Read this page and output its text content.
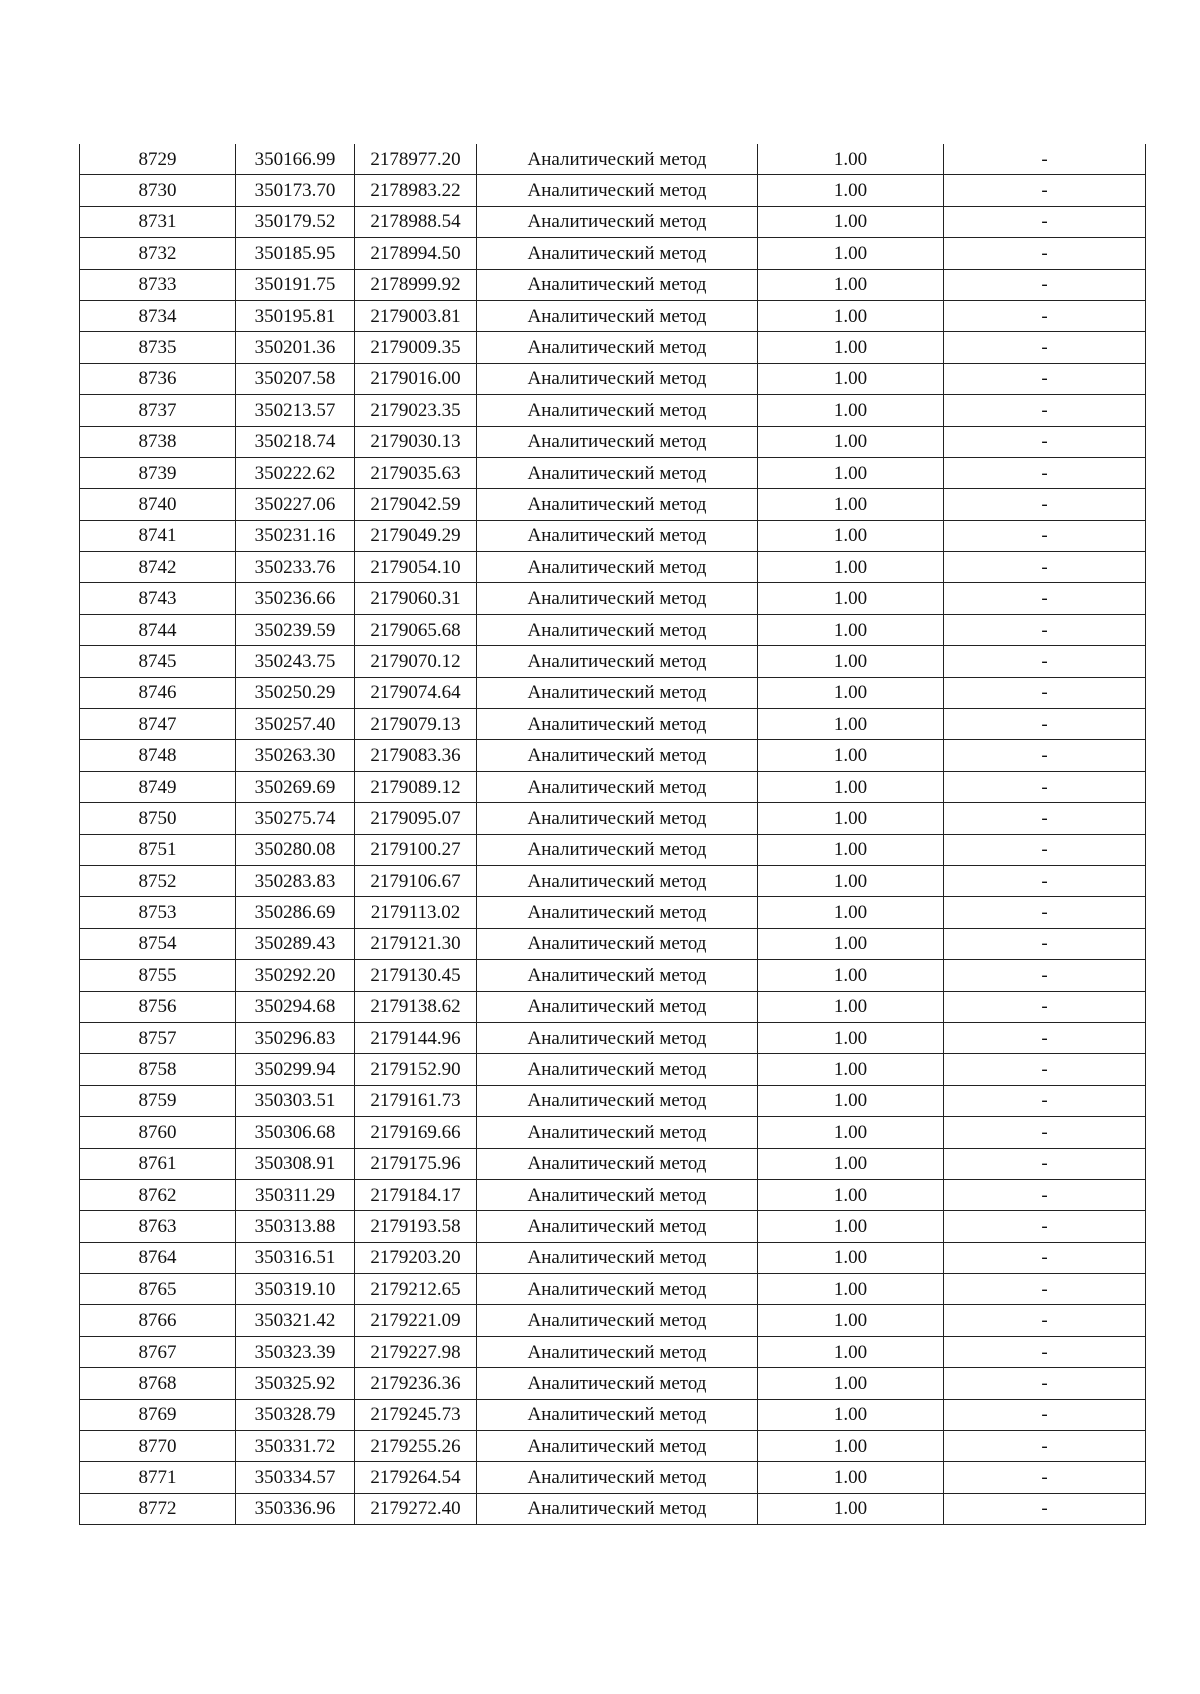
8729	350166.99	2178977.20	Аналитический метод	1.00	-
8730	350173.70	2178983.22	Аналитический метод	1.00	-
8731	350179.52	2178988.54	Аналитический метод	1.00	-
8732	350185.95	2178994.50	Аналитический метод	1.00	-
8733	350191.75	2178999.92	Аналитический метод	1.00	-
8734	350195.81	2179003.81	Аналитический метод	1.00	-
8735	350201.36	2179009.35	Аналитический метод	1.00	-
8736	350207.58	2179016.00	Аналитический метод	1.00	-
8737	350213.57	2179023.35	Аналитический метод	1.00	-
8738	350218.74	2179030.13	Аналитический метод	1.00	-
8739	350222.62	2179035.63	Аналитический метод	1.00	-
8740	350227.06	2179042.59	Аналитический метод	1.00	-
8741	350231.16	2179049.29	Аналитический метод	1.00	-
8742	350233.76	2179054.10	Аналитический метод	1.00	-
8743	350236.66	2179060.31	Аналитический метод	1.00	-
8744	350239.59	2179065.68	Аналитический метод	1.00	-
8745	350243.75	2179070.12	Аналитический метод	1.00	-
8746	350250.29	2179074.64	Аналитический метод	1.00	-
8747	350257.40	2179079.13	Аналитический метод	1.00	-
8748	350263.30	2179083.36	Аналитический метод	1.00	-
8749	350269.69	2179089.12	Аналитический метод	1.00	-
8750	350275.74	2179095.07	Аналитический метод	1.00	-
8751	350280.08	2179100.27	Аналитический метод	1.00	-
8752	350283.83	2179106.67	Аналитический метод	1.00	-
8753	350286.69	2179113.02	Аналитический метод	1.00	-
8754	350289.43	2179121.30	Аналитический метод	1.00	-
8755	350292.20	2179130.45	Аналитический метод	1.00	-
8756	350294.68	2179138.62	Аналитический метод	1.00	-
8757	350296.83	2179144.96	Аналитический метод	1.00	-
8758	350299.94	2179152.90	Аналитический метод	1.00	-
8759	350303.51	2179161.73	Аналитический метод	1.00	-
8760	350306.68	2179169.66	Аналитический метод	1.00	-
8761	350308.91	2179175.96	Аналитический метод	1.00	-
8762	350311.29	2179184.17	Аналитический метод	1.00	-
8763	350313.88	2179193.58	Аналитический метод	1.00	-
8764	350316.51	2179203.20	Аналитический метод	1.00	-
8765	350319.10	2179212.65	Аналитический метод	1.00	-
8766	350321.42	2179221.09	Аналитический метод	1.00	-
8767	350323.39	2179227.98	Аналитический метод	1.00	-
8768	350325.92	2179236.36	Аналитический метод	1.00	-
8769	350328.79	2179245.73	Аналитический метод	1.00	-
8770	350331.72	2179255.26	Аналитический метод	1.00	-
8771	350334.57	2179264.54	Аналитический метод	1.00	-
8772	350336.96	2179272.40	Аналитический метод	1.00	-
